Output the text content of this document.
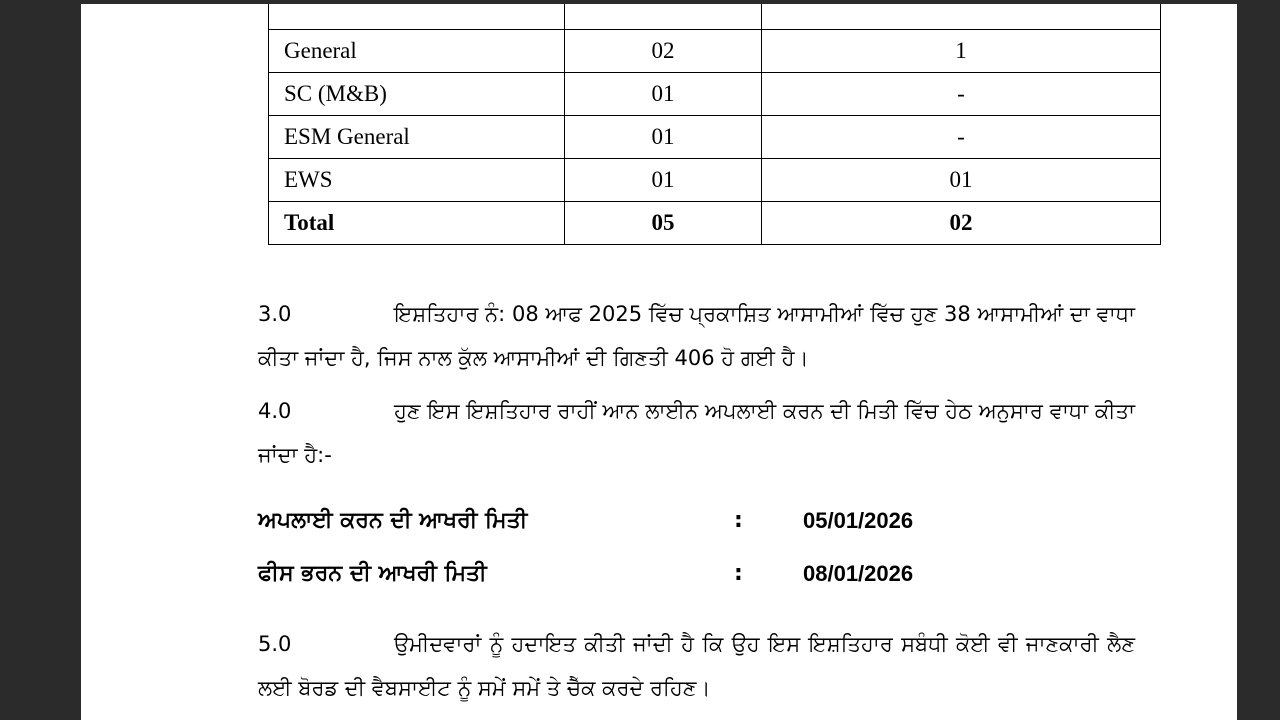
General	02	1
SC (M&B)	01	-
ESM General	01	-
EWS	01	01
Total	05	02

3.0	ਇਸ਼ਤਿਹਾਰ ਨੰ: 08 ਆਫ 2025 ਵਿੱਚ ਪ੍ਰਕਾਸ਼ਿਤ ਆਸਾਮੀਆਂ ਵਿੱਚ ਹੁਣ 38 ਆਸਾਮੀਆਂ ਦਾ ਵਾਧਾ ਕੀਤਾ ਜਾਂਦਾ ਹੈ, ਜਿਸ ਨਾਲ ਕੁੱਲ ਆਸਾਮੀਆਂ ਦੀ ਗਿਣਤੀ 406 ਹੋ ਗਈ ਹੈ।

4.0	ਹੁਣ ਇਸ ਇਸ਼ਤਿਹਾਰ ਰਾਹੀਂ ਆਨ ਲਾਈਨ ਅਪਲਾਈ ਕਰਨ ਦੀ ਮਿਤੀ ਵਿੱਚ ਹੇਠ ਅਨੁਸਾਰ ਵਾਧਾ ਕੀਤਾ ਜਾਂਦਾ ਹੈ:-

ਅਪਲਾਈ ਕਰਨ ਦੀ ਆਖਰੀ ਮਿਤੀ	:	05/01/2026
ਫੀਸ ਭਰਨ ਦੀ ਆਖਰੀ ਮਿਤੀ	:	08/01/2026

5.0	ਉਮੀਦਵਾਰਾਂ ਨੂੰ ਹਦਾਇਤ ਕੀਤੀ ਜਾਂਦੀ ਹੈ ਕਿ ਉਹ ਇਸ ਇਸ਼ਤਿਹਾਰ ਸਬੰਧੀ ਕੋਈ ਵੀ ਜਾਣਕਾਰੀ ਲੈਣ ਲਈ ਬੋਰਡ ਦੀ ਵੈਬਸਾਈਟ ਨੂੰ ਸਮੇਂ ਸਮੇਂ ਤੇ ਚੈੱਕ ਕਰਦੇ ਰਹਿਣ।
